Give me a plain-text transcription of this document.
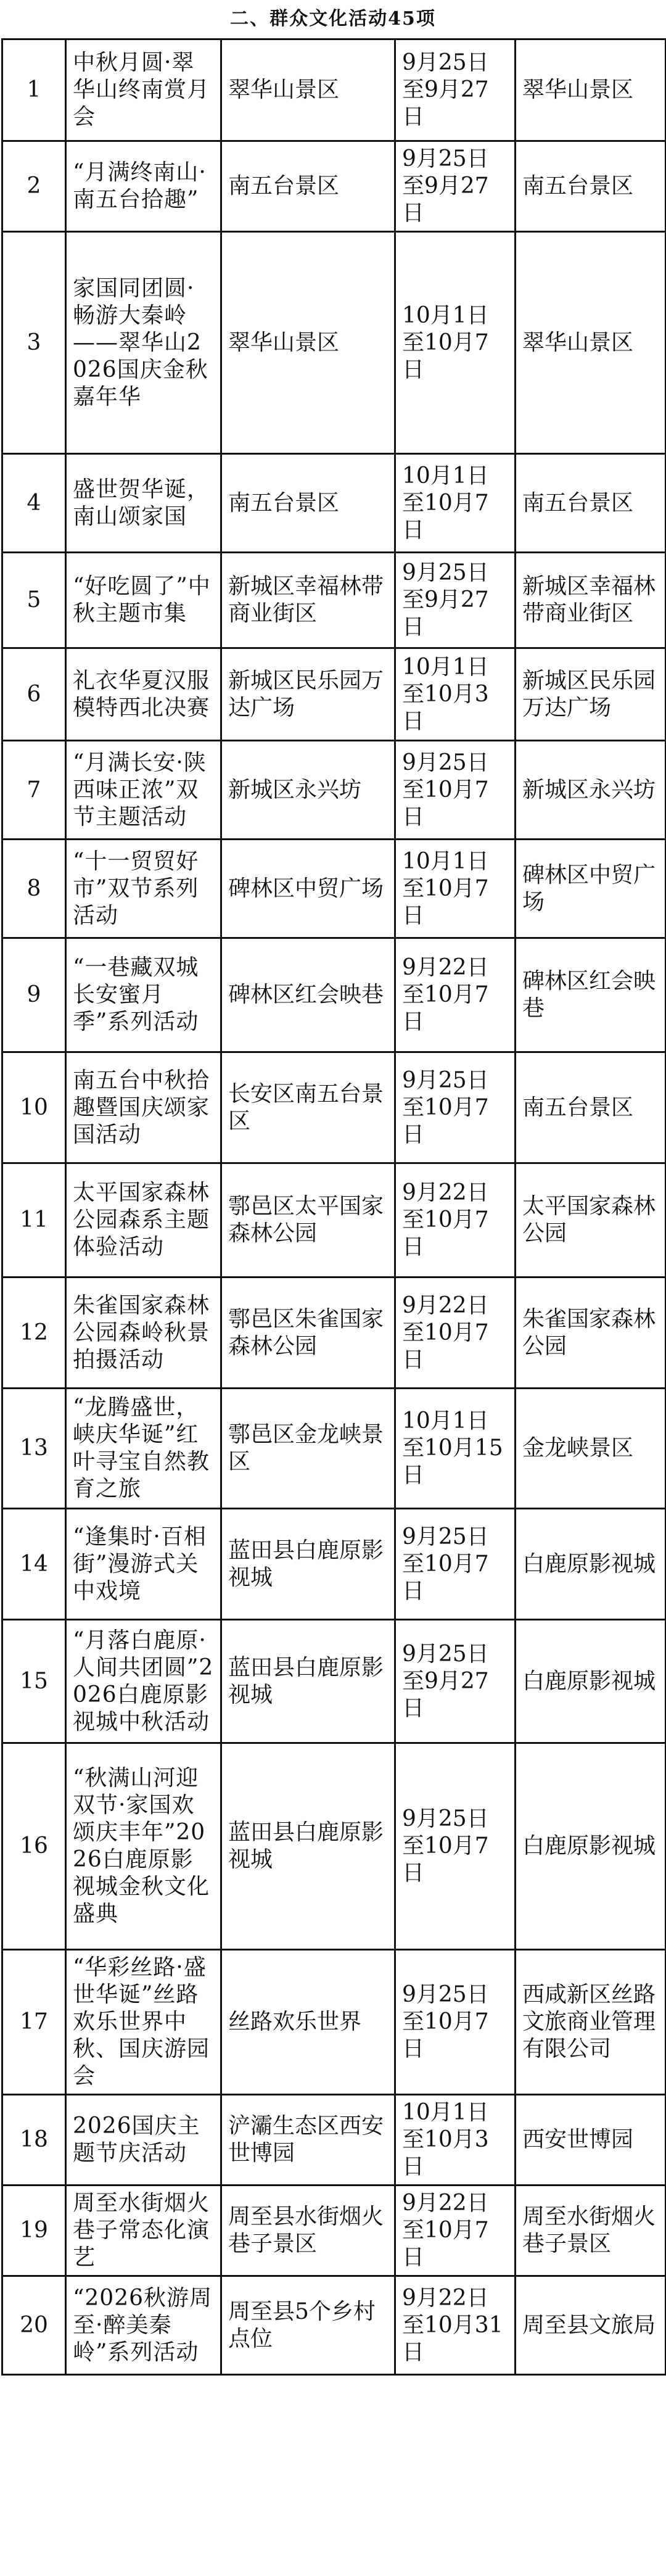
二、群众文化活动45项
1	中秋月圆·翠华山终南赏月会	翠华山景区	9月25日至9月27日	翠华山景区
2	“月满终南山·南五台拾趣”	南五台景区	9月25日至9月27日	南五台景区
3	家国同团圆·畅游大秦岭——翠华山2026国庆金秋嘉年华	翠华山景区	10月1日至10月7日	翠华山景区
4	盛世贺华诞，南山颂家国	南五台景区	10月1日至10月7日	南五台景区
5	“好吃圆了”中秋主题市集	新城区幸福林带商业街区	9月25日至9月27日	新城区幸福林带商业街区
6	礼衣华夏汉服模特西北决赛	新城区民乐园万达广场	10月1日至10月3日	新城区民乐园万达广场
7	“月满长安·陕西味正浓”双节主题活动	新城区永兴坊	9月25日至10月7日	新城区永兴坊
8	“十一贸贸好市”双节系列活动	碑林区中贸广场	10月1日至10月7日	碑林区中贸广场
9	“一巷藏双城 长安蜜月季”系列活动	碑林区红会映巷	9月22日至10月7日	碑林区红会映巷
10	南五台中秋拾趣暨国庆颂家国活动	长安区南五台景区	9月25日至10月7日	南五台景区
11	太平国家森林公园森系主题体验活动	鄠邑区太平国家森林公园	9月22日至10月7日	太平国家森林公园
12	朱雀国家森林公园森岭秋景拍摄活动	鄠邑区朱雀国家森林公园	9月22日至10月7日	朱雀国家森林公园
13	“龙腾盛世，峡庆华诞”红叶寻宝自然教育之旅	鄠邑区金龙峡景区	10月1日至10月15日	金龙峡景区
14	“逢集时·百相街”漫游式关中戏境	蓝田县白鹿原影视城	9月25日至10月7日	白鹿原影视城
15	“月落白鹿原·人间共团圆”2026白鹿原影视城中秋活动	蓝田县白鹿原影视城	9月25日至9月27日	白鹿原影视城
16	“秋满山河迎双节·家国欢颂庆丰年”2026白鹿原影视城金秋文化盛典	蓝田县白鹿原影视城	9月25日至10月7日	白鹿原影视城
17	“华彩丝路·盛世华诞”丝路欢乐世界中秋、国庆游园会	丝路欢乐世界	9月25日至10月7日	西咸新区丝路文旅商业管理有限公司
18	2026国庆主题节庆活动	浐灞生态区西安世博园	10月1日至10月3日	西安世博园
19	周至水街烟火巷子常态化演艺	周至县水街烟火巷子景区	9月22日至10月7日	周至水街烟火巷子景区
20	“2026秋游周至·醉美秦岭”系列活动	周至县5个乡村点位	9月22日至10月31日	周至县文旅局
